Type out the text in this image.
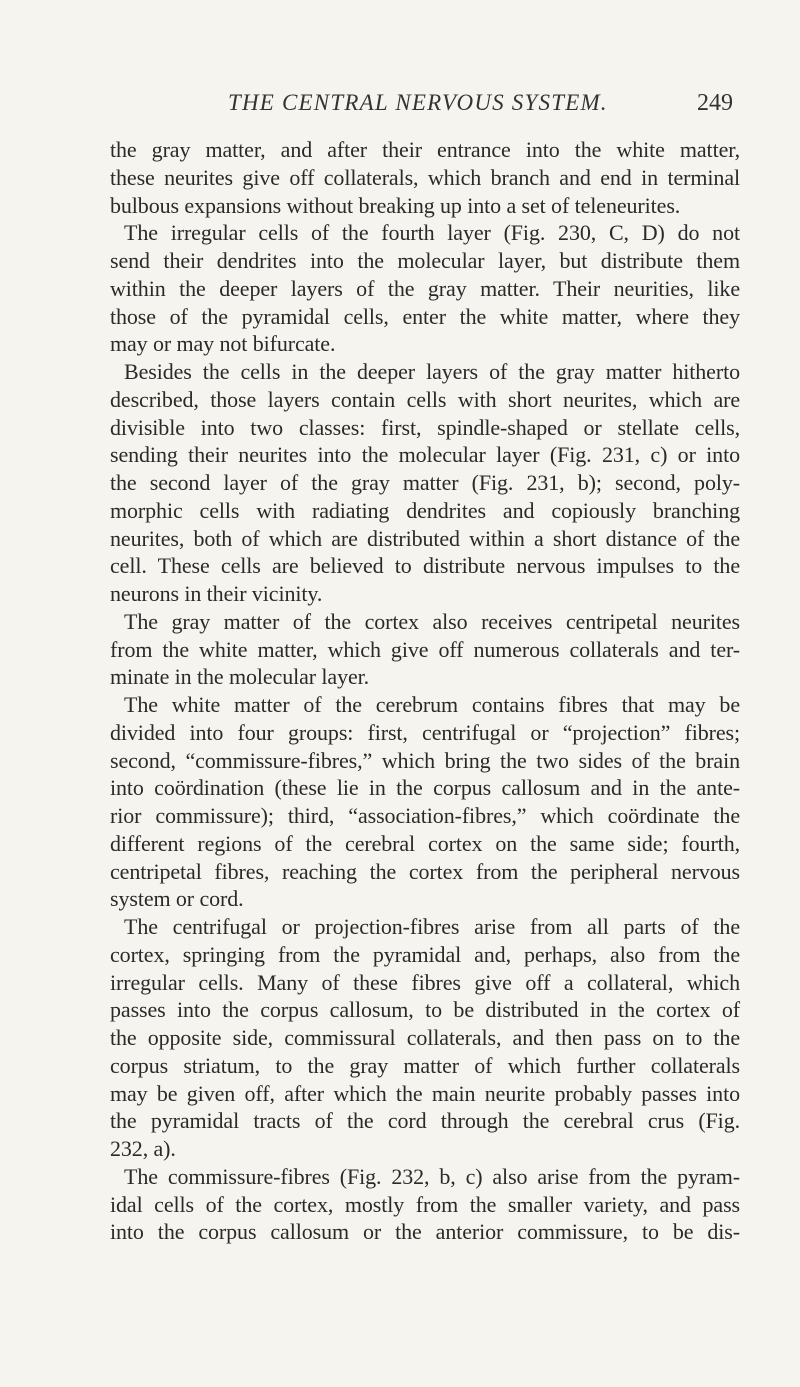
THE CENTRAL NERVOUS SYSTEM.	249
the gray matter, and after their entrance into the white matter,
these neurites give off collaterals, which branch and end in terminal
bulbous expansions without breaking up into a set of teleneurites.
The irregular cells of the fourth layer (Fig. 230, C, D) do not
send their dendrites into the molecular layer, but distribute them
within the deeper layers of the gray matter. Their neurities, like
those of the pyramidal cells, enter the white matter, where they
may or may not bifurcate.
Besides the cells in the deeper layers of the gray matter hitherto
described, those layers contain cells with short neurites, which are
divisible into two classes: first, spindle-shaped or stellate cells,
sending their neurites into the molecular layer (Fig. 231, c) or into
the second layer of the gray matter (Fig. 231, b); second, poly-
morphic cells with radiating dendrites and copiously branching
neurites, both of which are distributed within a short distance of the
cell. These cells are believed to distribute nervous impulses to the
neurons in their vicinity.
The gray matter of the cortex also receives centripetal neurites
from the white matter, which give off numerous collaterals and ter-
minate in the molecular layer.
The white matter of the cerebrum contains fibres that may be
divided into four groups: first, centrifugal or “projection” fibres;
second, “commissure-fibres,” which bring the two sides of the brain
into coördination (these lie in the corpus callosum and in the ante-
rior commissure); third, “association-fibres,” which coördinate the
different regions of the cerebral cortex on the same side; fourth,
centripetal fibres, reaching the cortex from the peripheral nervous
system or cord.
The centrifugal or projection-fibres arise from all parts of the
cortex, springing from the pyramidal and, perhaps, also from the
irregular cells. Many of these fibres give off a collateral, which
passes into the corpus callosum, to be distributed in the cortex of
the opposite side, commissural collaterals, and then pass on to the
corpus striatum, to the gray matter of which further collaterals
may be given off, after which the main neurite probably passes into
the pyramidal tracts of the cord through the cerebral crus (Fig.
232, a).
The commissure-fibres (Fig. 232, b, c) also arise from the pyram-
idal cells of the cortex, mostly from the smaller variety, and pass
into the corpus callosum or the anterior commissure, to be dis-
